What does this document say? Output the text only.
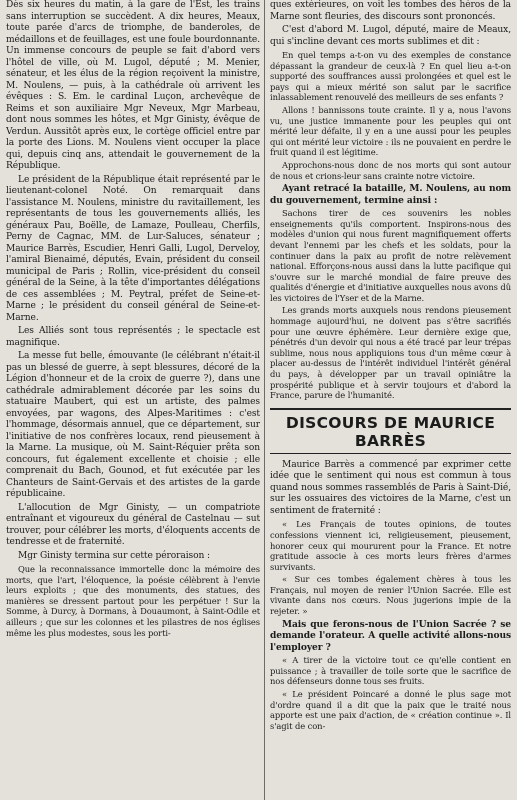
Dès six heures du matin, à la gare de l'Est, les trains sans interruption se succèdent. A dix heures, Meaux, toute parée d'arcs de triomphe, de banderoles, de médaillons et de feuillages, est une foule bourdonnante. Un immense concours de peuple se fait d'abord vers l'hôtel de ville, où M. Lugol, député ; M. Menier, sénateur, et les élus de la région reçoivent la ministre, M. Noulens, — puis, à la cathédrale où arrivent les évêques : S. Em. le cardinal Luçon, archevêque de Reims et son auxiliaire Mgr Neveux, Mgr Marbeau, dont nous sommes les hôtes, et Mgr Ginisty, évêque de Verdun. Aussitôt après eux, le cortège officiel entre par la porte des Lions. M. Noulens vient occuper la place qui, depuis cinq ans, attendait le gouvernement de la République.

Le président de la République était représenté par le lieutenant-colonel Noté. On remarquait dans l'assistance M. Noulens, ministre du ravitaillement, les représentants de tous les gouvernements alliés, les généraux Pau, Boëlle, de Lamaze, Poulleau, Cherfils, Perny de Cagnac, MM. de Lur-Saluces, sénateur ; Maurice Barrès, Escudier, Henri Galli, Lugol, Derveloy, l'amiral Bienaimé, députés, Evain, président du conseil municipal de Paris ; Rollin, vice-président du conseil général de la Seine, à la tête d'importantes délégations de ces assemblées ; M. Peytral, préfet de Seine-et-Marne ; le président du conseil général de Seine-et-Marne.

Les Alliés sont tous représentés ; le spectacle est magnifique.

La messe fut belle, émouvante (le célébrant n'était-il pas un blessé de guerre, à sept blessures, décoré de la Légion d'honneur et de la croix de guerre ?), dans une cathédrale admirablement décorée par les soins du statuaire Maubert, qui est un artiste, des palmes envoyées, par wagons, des Alpes-Maritimes : c'est l'hommage, désormais annuel, que ce département, sur l'initiative de nos confrères locaux, rend pieusement à la Marne. La musique, où M. Saint-Réquier prêta son concours, fut également excellente et choisie ; elle comprenait du Bach, Gounod, et fut exécutée par les Chanteurs de Saint-Gervais et des artistes de la garde républicaine.

L'allocution de Mgr Ginisty, — un compatriote entraînant et vigoureux du général de Castelnau — sut trouver, pour célébrer les morts, d'éloquents accents de tendresse et de fraternité.

Mgr Ginisty termina sur cette péroraison :

Que la reconnaissance immortelle donc la mémoire des morts, que l'art, l'éloquence, la poésie célèbrent à l'envie leurs exploits ; que des monuments, des statues, des manières se dressent partout pour les perpétuer ! Sur la Somme, à Durcy, à Dormans, à Douaumont, à Saint-Odile et ailleurs ; que sur les colonnes et les pilastres de nos églises même les plus modestes, sous les porti-

ques extérieures, on voit les tombes des héros de la Marne sont fleuries, des discours sont prononcés.

C'est d'abord M. Lugol, député, maire de Meaux, qui s'incline devant ces morts sublimes et dit :

En quel temps a-t-on vu des exemples de constance dépassant la grandeur de ceux-là ? En quel lieu a-t-on supporté des souffrances aussi prolongées et quel est le pays qui a mieux mérité son salut par le sacrifice inlassablement renouvelé des meilleurs de ses enfants ?

Allons ! bannissons toute crainte. Il y a, nous l'avons vu, une justice immanente pour les peuples qui ont mérité leur défaite, il y en a une aussi pour les peuples qui ont mérité leur victoire : ils ne pouvaient en perdre le fruit quand il est légitime.

Approchons-nous donc de nos morts qui sont autour de nous et crions-leur sans crainte notre victoire.

Ayant retracé la bataille, M. Noulens, au nom du gouvernement, termine ainsi :

Sachons tirer de ces souvenirs les nobles enseignements qu'ils comportent. Inspirons-nous des modèles d'union qui nous furent magnifiquement offerts devant l'ennemi par les chefs et les soldats, pour la continuer dans la paix au profit de notre relèvement national. Efforçons-nous aussi dans la lutte pacifique qui s'ouvre sur le marché mondial de faire preuve des qualités d'énergie et d'initiative auxquelles nous avons dû les victoires de l'Yser et de la Marne.

Les grands morts auxquels nous rendons pieusement hommage aujourd'hui, ne doivent pas s'être sacrifiés pour une œuvre éphémère. Leur dernière exige que, pénétrés d'un devoir qui nous a été tracé par leur trépas sublime, nous nous appliquions tous d'un même cœur à placer au-dessus de l'intérêt individuel l'intérêt général du pays, à développer par un travail opiniâtre la prospérité publique et à servir toujours et d'abord la France, parure de l'humanité.

DISCOURS DE MAURICE BARRÈS

Maurice Barrès a commencé par exprimer cette idée que le sentiment qui nous est commun à tous quand nous sommes rassemblés de Paris à Saint-Dié, sur les ossuaires des victoires de la Marne, c'est un sentiment de fraternité :

« Les Français de toutes opinions, de toutes confessions viennent ici, religieusement, pieusement, honorer ceux qui moururent pour la France. Et notre gratitude associe à ces morts leurs frères d'armes survivants.

« Sur ces tombes également chères à tous les Français, nul moyen de renier l'Union Sacrée. Elle est vivante dans nos cœurs. Nous jugerions impie de la rejeter. »

Mais que ferons-nous de l'Union Sacrée ? se demande l'orateur. A quelle activité allons-nous l'employer ?

« A tirer de la victoire tout ce qu'elle contient en puissance ; à travailler de toile sorte que le sacrifice de nos défenseurs donne tous ses fruits.

« Le président Poincaré a donné le plus sage mot d'ordre quand il a dit que la paix que le traité nous apporte est une paix d'action, de « création continue ». Il s'agit de con-
